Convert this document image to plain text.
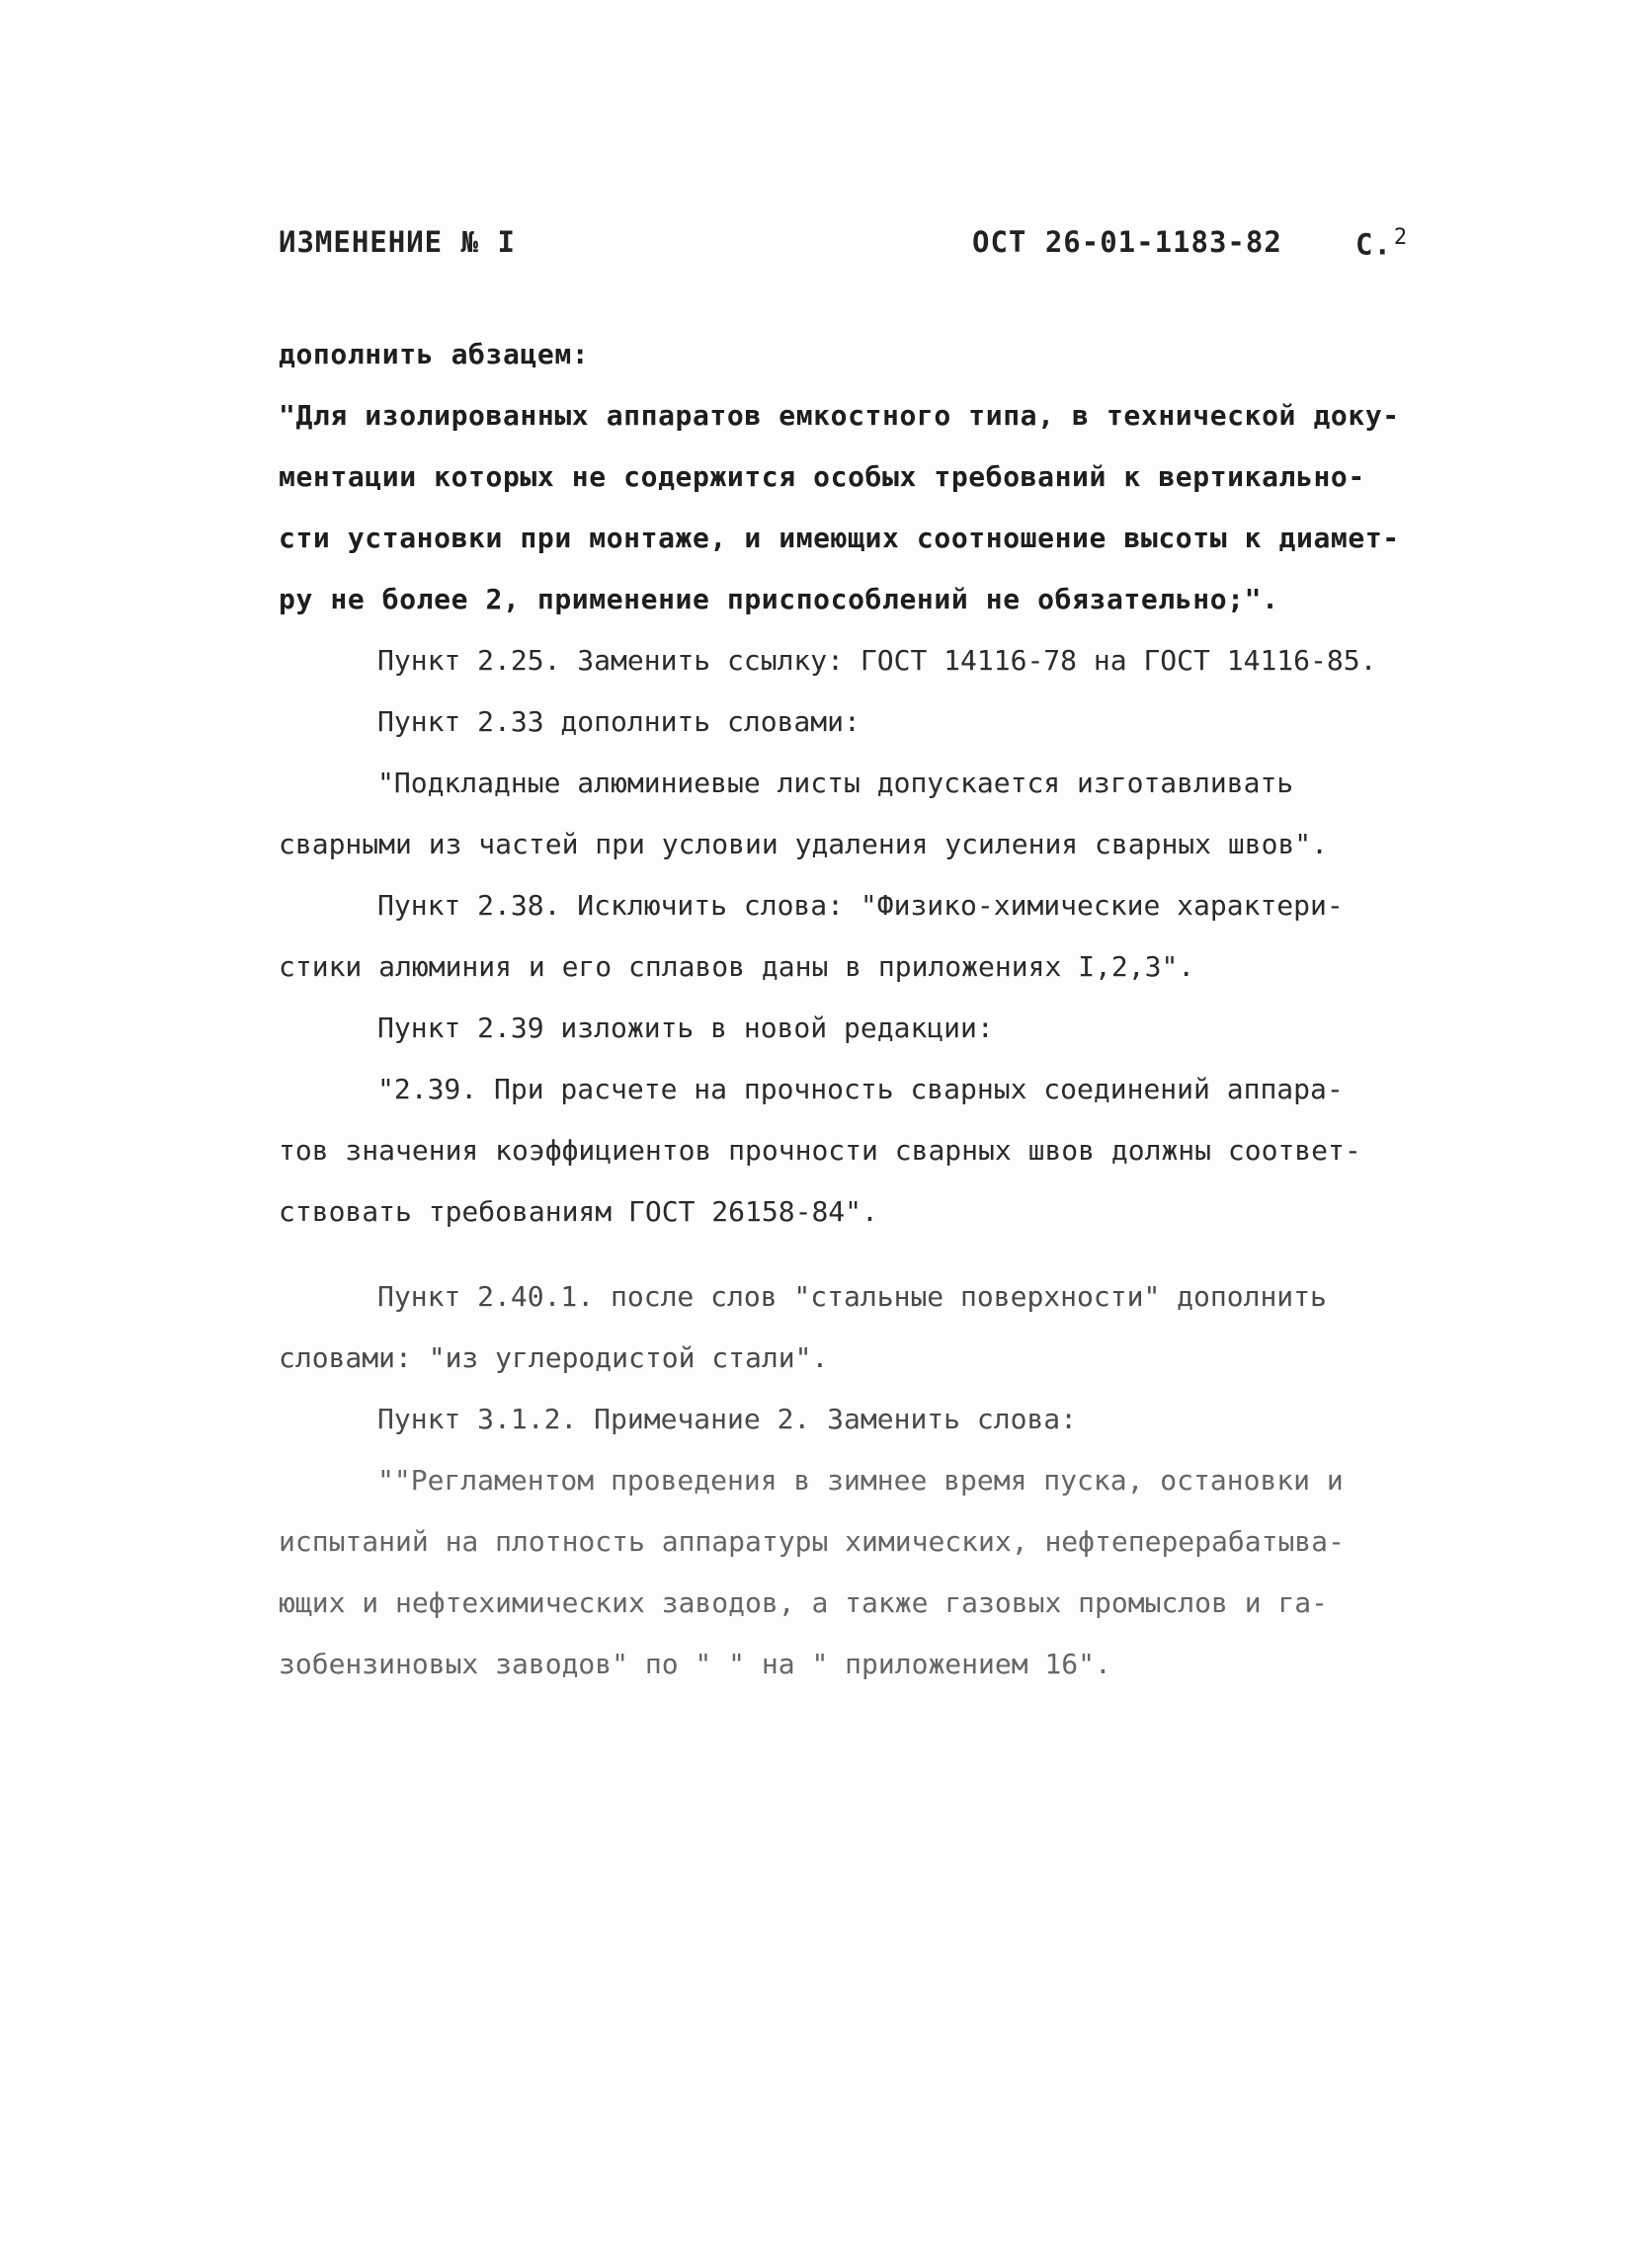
ИЗМЕНЕНИЕ № I	ОСТ 26-01-1183-82	С.$^2$
дополнить абзацем:
"Для изолированных аппаратов емкостного типа, в технической доку-
ментации которых не содержится особых требований к вертикально-
сти установки при монтаже, и имеющих соотношение высоты к диамет-
ру не более 2, применение приспособлений не обязательно;".
Пункт 2.25. Заменить ссылку: ГОСТ 14116-78 на ГОСТ 14116-85.
Пункт 2.33 дополнить словами:
"Подкладные алюминиевые листы допускается изготавливать
сварными из частей при условии удаления усиления сварных швов".
Пункт 2.38. Исключить слова: "Физико-химические характери-
стики алюминия и его сплавов даны в приложениях I,2,3".
Пункт 2.39 изложить в новой редакции:
"2.39. При расчете на прочность сварных соединений аппара-
тов значения коэффициентов прочности сварных швов должны соответ-
ствовать требованиям ГОСТ 26158-84".
Пункт 2.40.1. после слов "стальные поверхности" дополнить
словами: "из углеродистой стали".
Пункт 3.1.2. Примечание 2. Заменить слова:
""Регламентом проведения в зимнее время пуска, остановки и
испытаний на плотность аппаратуры химических, нефтеперерабатыва-
ющих и нефтехимических заводов, а также газовых промыслов и га-
зобензиновых заводов" по " " на " приложением 16".
